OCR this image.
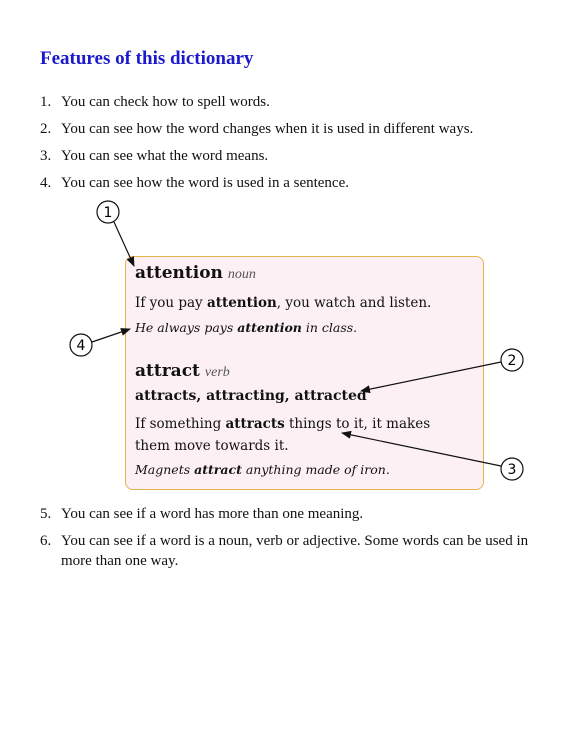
Features of this dictionary
1. You can check how to spell words.
2. You can see how the word changes when it is used in different ways.
3. You can see what the word means.
4. You can see how the word is used in a sentence.
attention noun
If you pay attention, you watch and listen.
He always pays attention in class.
attract verb
attracts, attracting, attracted
If something attracts things to it, it makes them move towards it.
Magnets attract anything made of iron.
1
2
3
4
5. You can see if a word has more than one meaning.
6. You can see if a word is a noun, verb or adjective. Some words can be used in more than one way.
